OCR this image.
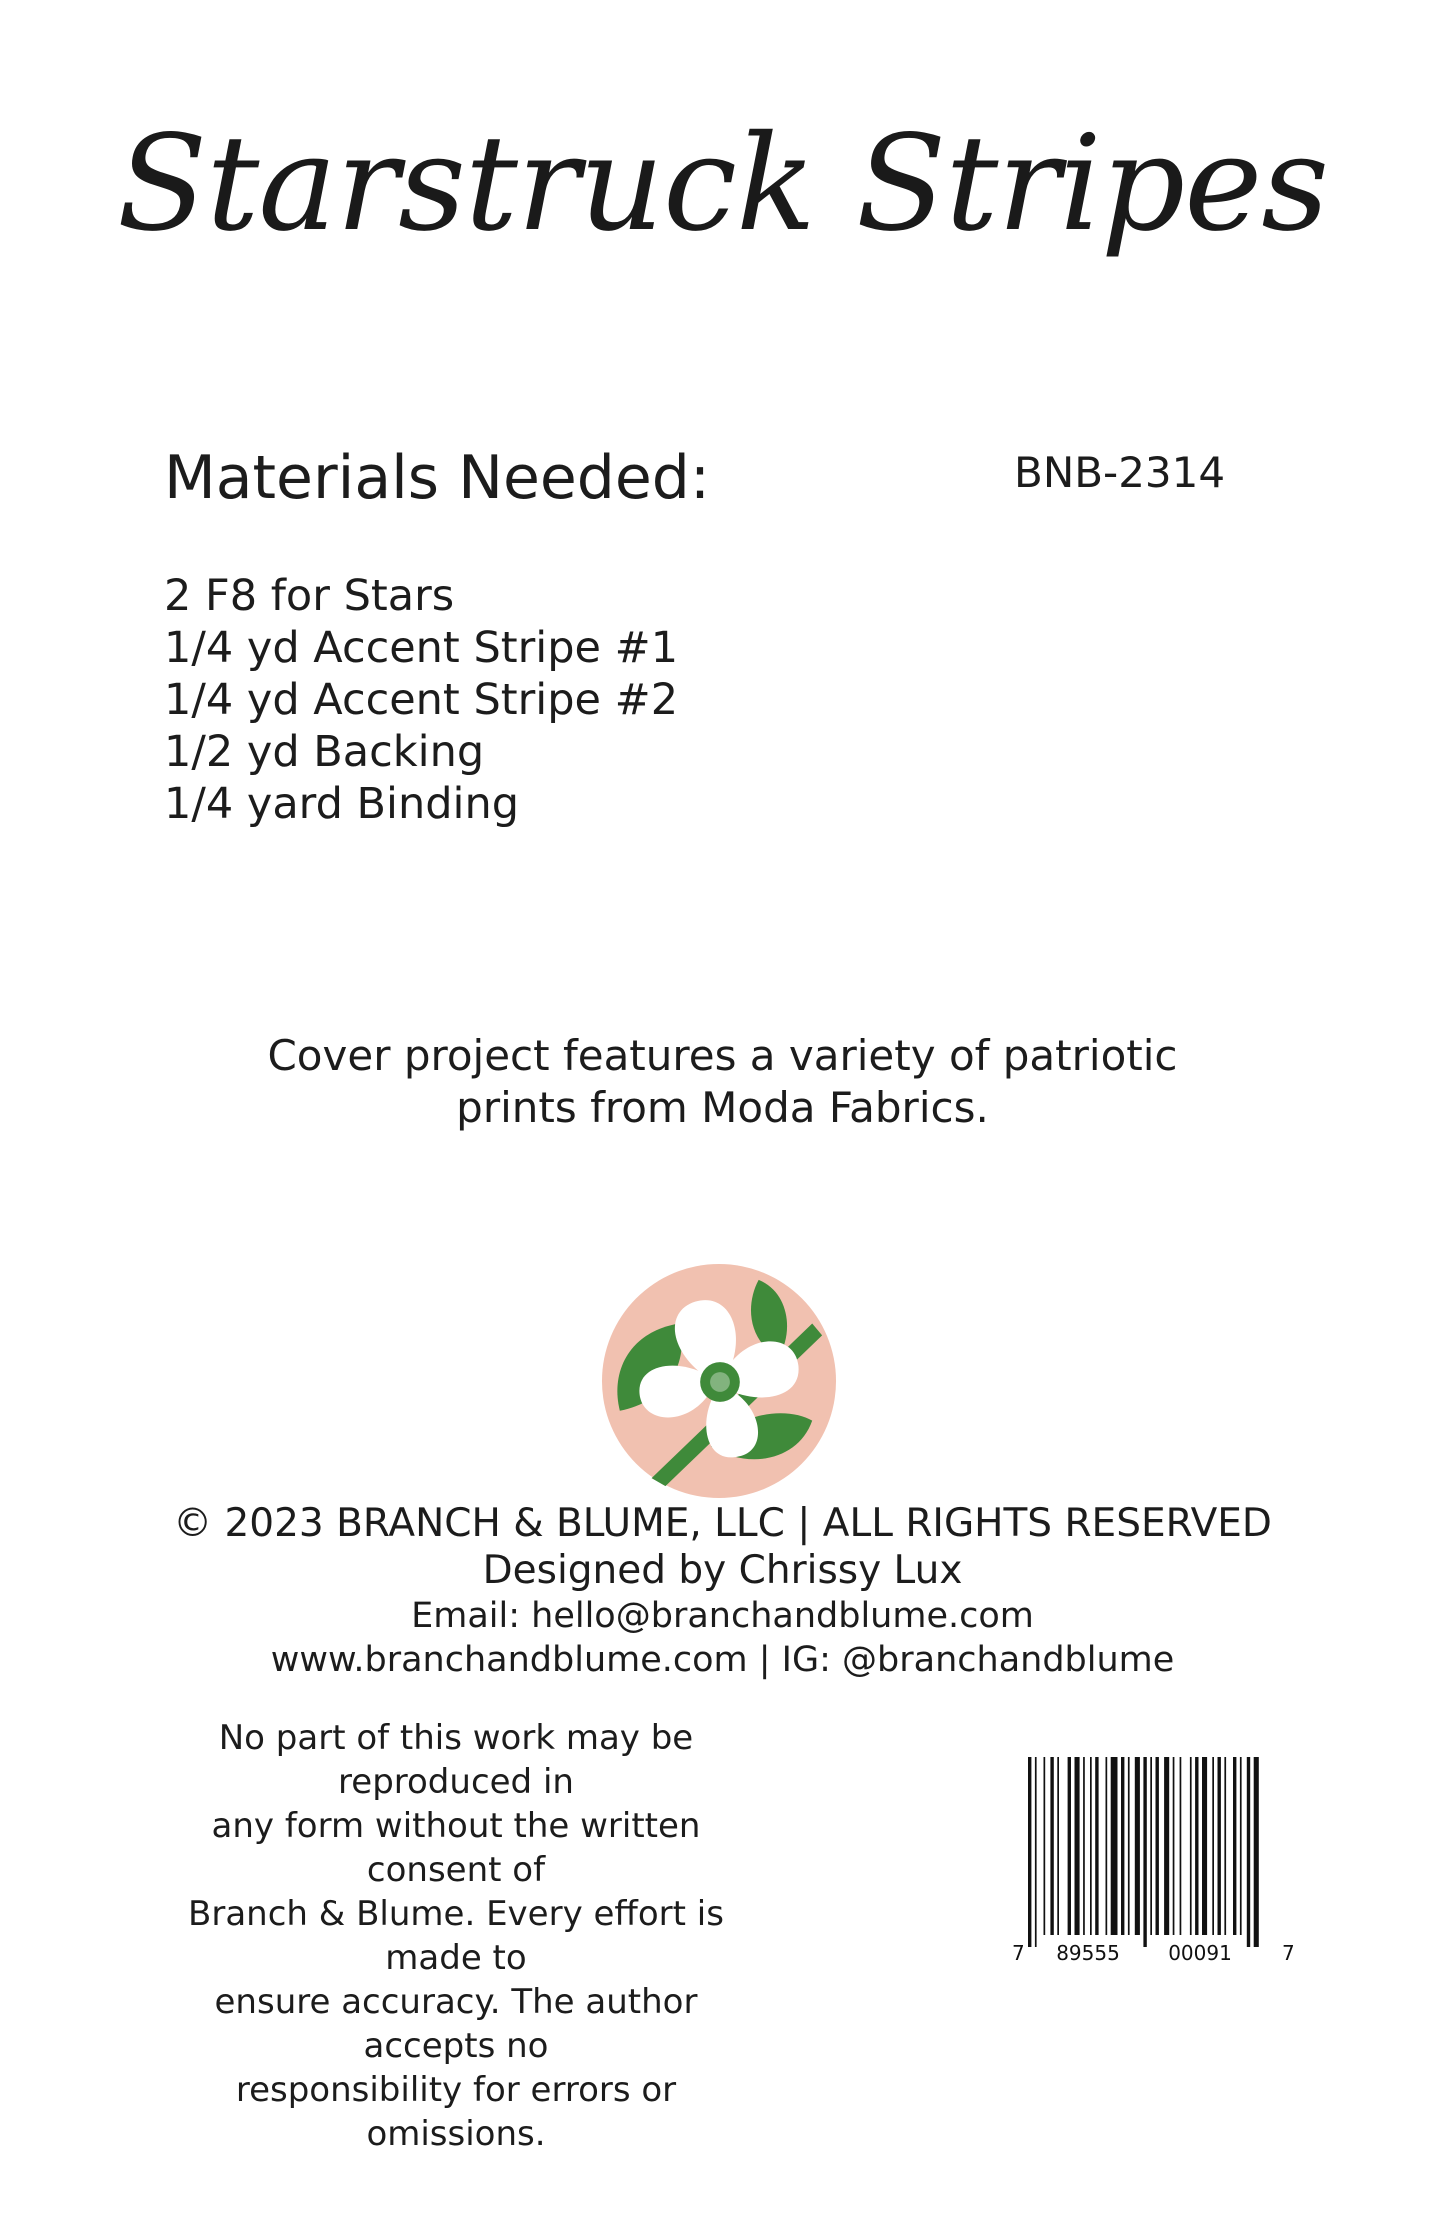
Starstruck Stripes
Materials Needed:	BNB-2314
2 F8 for Stars
1/4 yd Accent Stripe #1
1/4 yd Accent Stripe #2
1/2 yd Backing
1/4 yard Binding
Cover project features a variety of patriotic
prints from Moda Fabrics.
© 2023 BRANCH & BLUME, LLC | ALL RIGHTS RESERVED
Designed by Chrissy Lux
Email: hello@branchandblume.com
www.branchandblume.com | IG: @branchandblume
No part of this work may be reproduced in
any form without the written consent of
Branch & Blume. Every effort is made to
ensure accuracy. The author accepts no
responsibility for errors or omissions.
7 89555 00091	7
